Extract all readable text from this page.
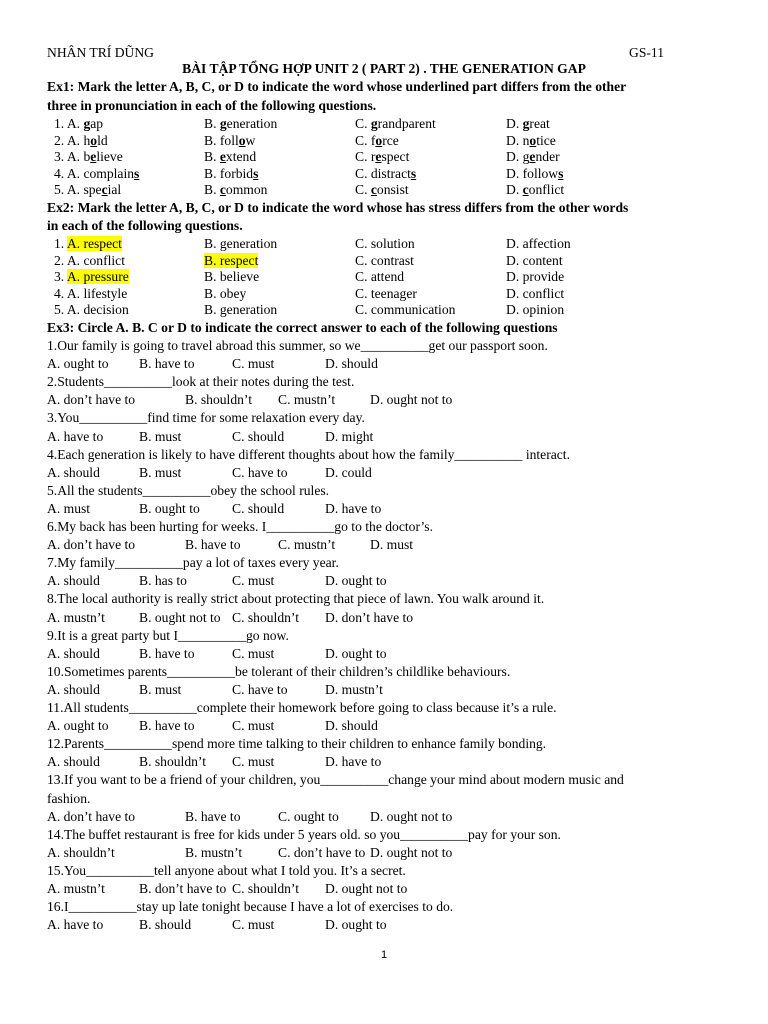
NHÂN TRÍ DŨNG	GS-11
BÀI TẬP TỔNG HỢP UNIT 2 ( PART 2) . THE GENERATION GAP
Ex1: Mark the letter A, B, C, or D to indicate the word whose underlined part differs from the other
three in pronunciation in each of the following questions.
1. A. gap	B. generation	C. grandparent	D. great
2. A. hold	B. follow	C. force	D. notice
3. A. believe	B. extend	C. respect	D. gender
4. A. complains	B. forbids	C. distracts	D. follows
5. A. special	B. common	C. consist	D. conflict
Ex2: Mark the letter A, B, C, or D to indicate the word whose has stress differs from the other words
in each of the following questions.
1. A. respect	B. generation	C. solution	D. affection
2. A. conflict	B. respect	C. contrast	D. content
3. A. pressure	B. believe	C. attend	D. provide
4. A. lifestyle	B. obey	C. teenager	D. conflict
5. A. decision	B. generation	C. communication	D. opinion
Ex3: Circle A. B. C or D to indicate the correct answer to each of the following questions
1.Our family is going to travel abroad this summer, so we__________get our passport soon.
A. ought to B. have to	C. must	D. should
2.Students__________look at their notes during the test.
A. don’t have to	B. shouldn’t C. mustn’t	D. ought not to
3.You__________find time for some relaxation every day.
A. have to	B. must	C. should	D. might
4.Each generation is likely to have different thoughts about how the family__________ interact.
A. should	B. must	C. have to	D. could
5.All the students__________obey the school rules.
A. must	B. ought to C. should	D. have to
6.My back has been hurting for weeks. I__________go to the doctor’s.
A. don’t have to	B. have to	C. mustn’t	D. must
7.My family__________pay a lot of taxes every year.
A. should	B. has to	C. must	D. ought to
8.The local authority is really strict about protecting that piece of lawn. You walk around it.
A. mustn’t	B. ought not to C. shouldn’t D. don’t have to
9.It is a great party but I__________go now.
A. should	B. have to	C. must	D. ought to
10.Sometimes parents__________be tolerant of their children’s childlike behaviours.
A. should	B. must	C. have to	D. mustn’t
11.All students__________complete their homework before going to class because it’s a rule.
A. ought to B. have to	C. must	D. should
12.Parents__________spend more time talking to their children to enhance family bonding.
A. should	B. shouldn’t C. must	D. have to
13.If you want to be a friend of your children, you__________change your mind about modern music and
fashion.
A. don’t have to	B. have to	C. ought to D. ought not to
14.The buffet restaurant is free for kids under 5 years old. so you__________pay for your son.
A. shouldn’t	B. mustn’t	C. don’t have to D. ought not to
15.You__________tell anyone about what I told you. It’s a secret.
A. mustn’t	B. don’t have to C. shouldn’t D. ought not to
16.I__________stay up late tonight because I have a lot of exercises to do.
A. have to	B. should	C. must	D. ought to
1
